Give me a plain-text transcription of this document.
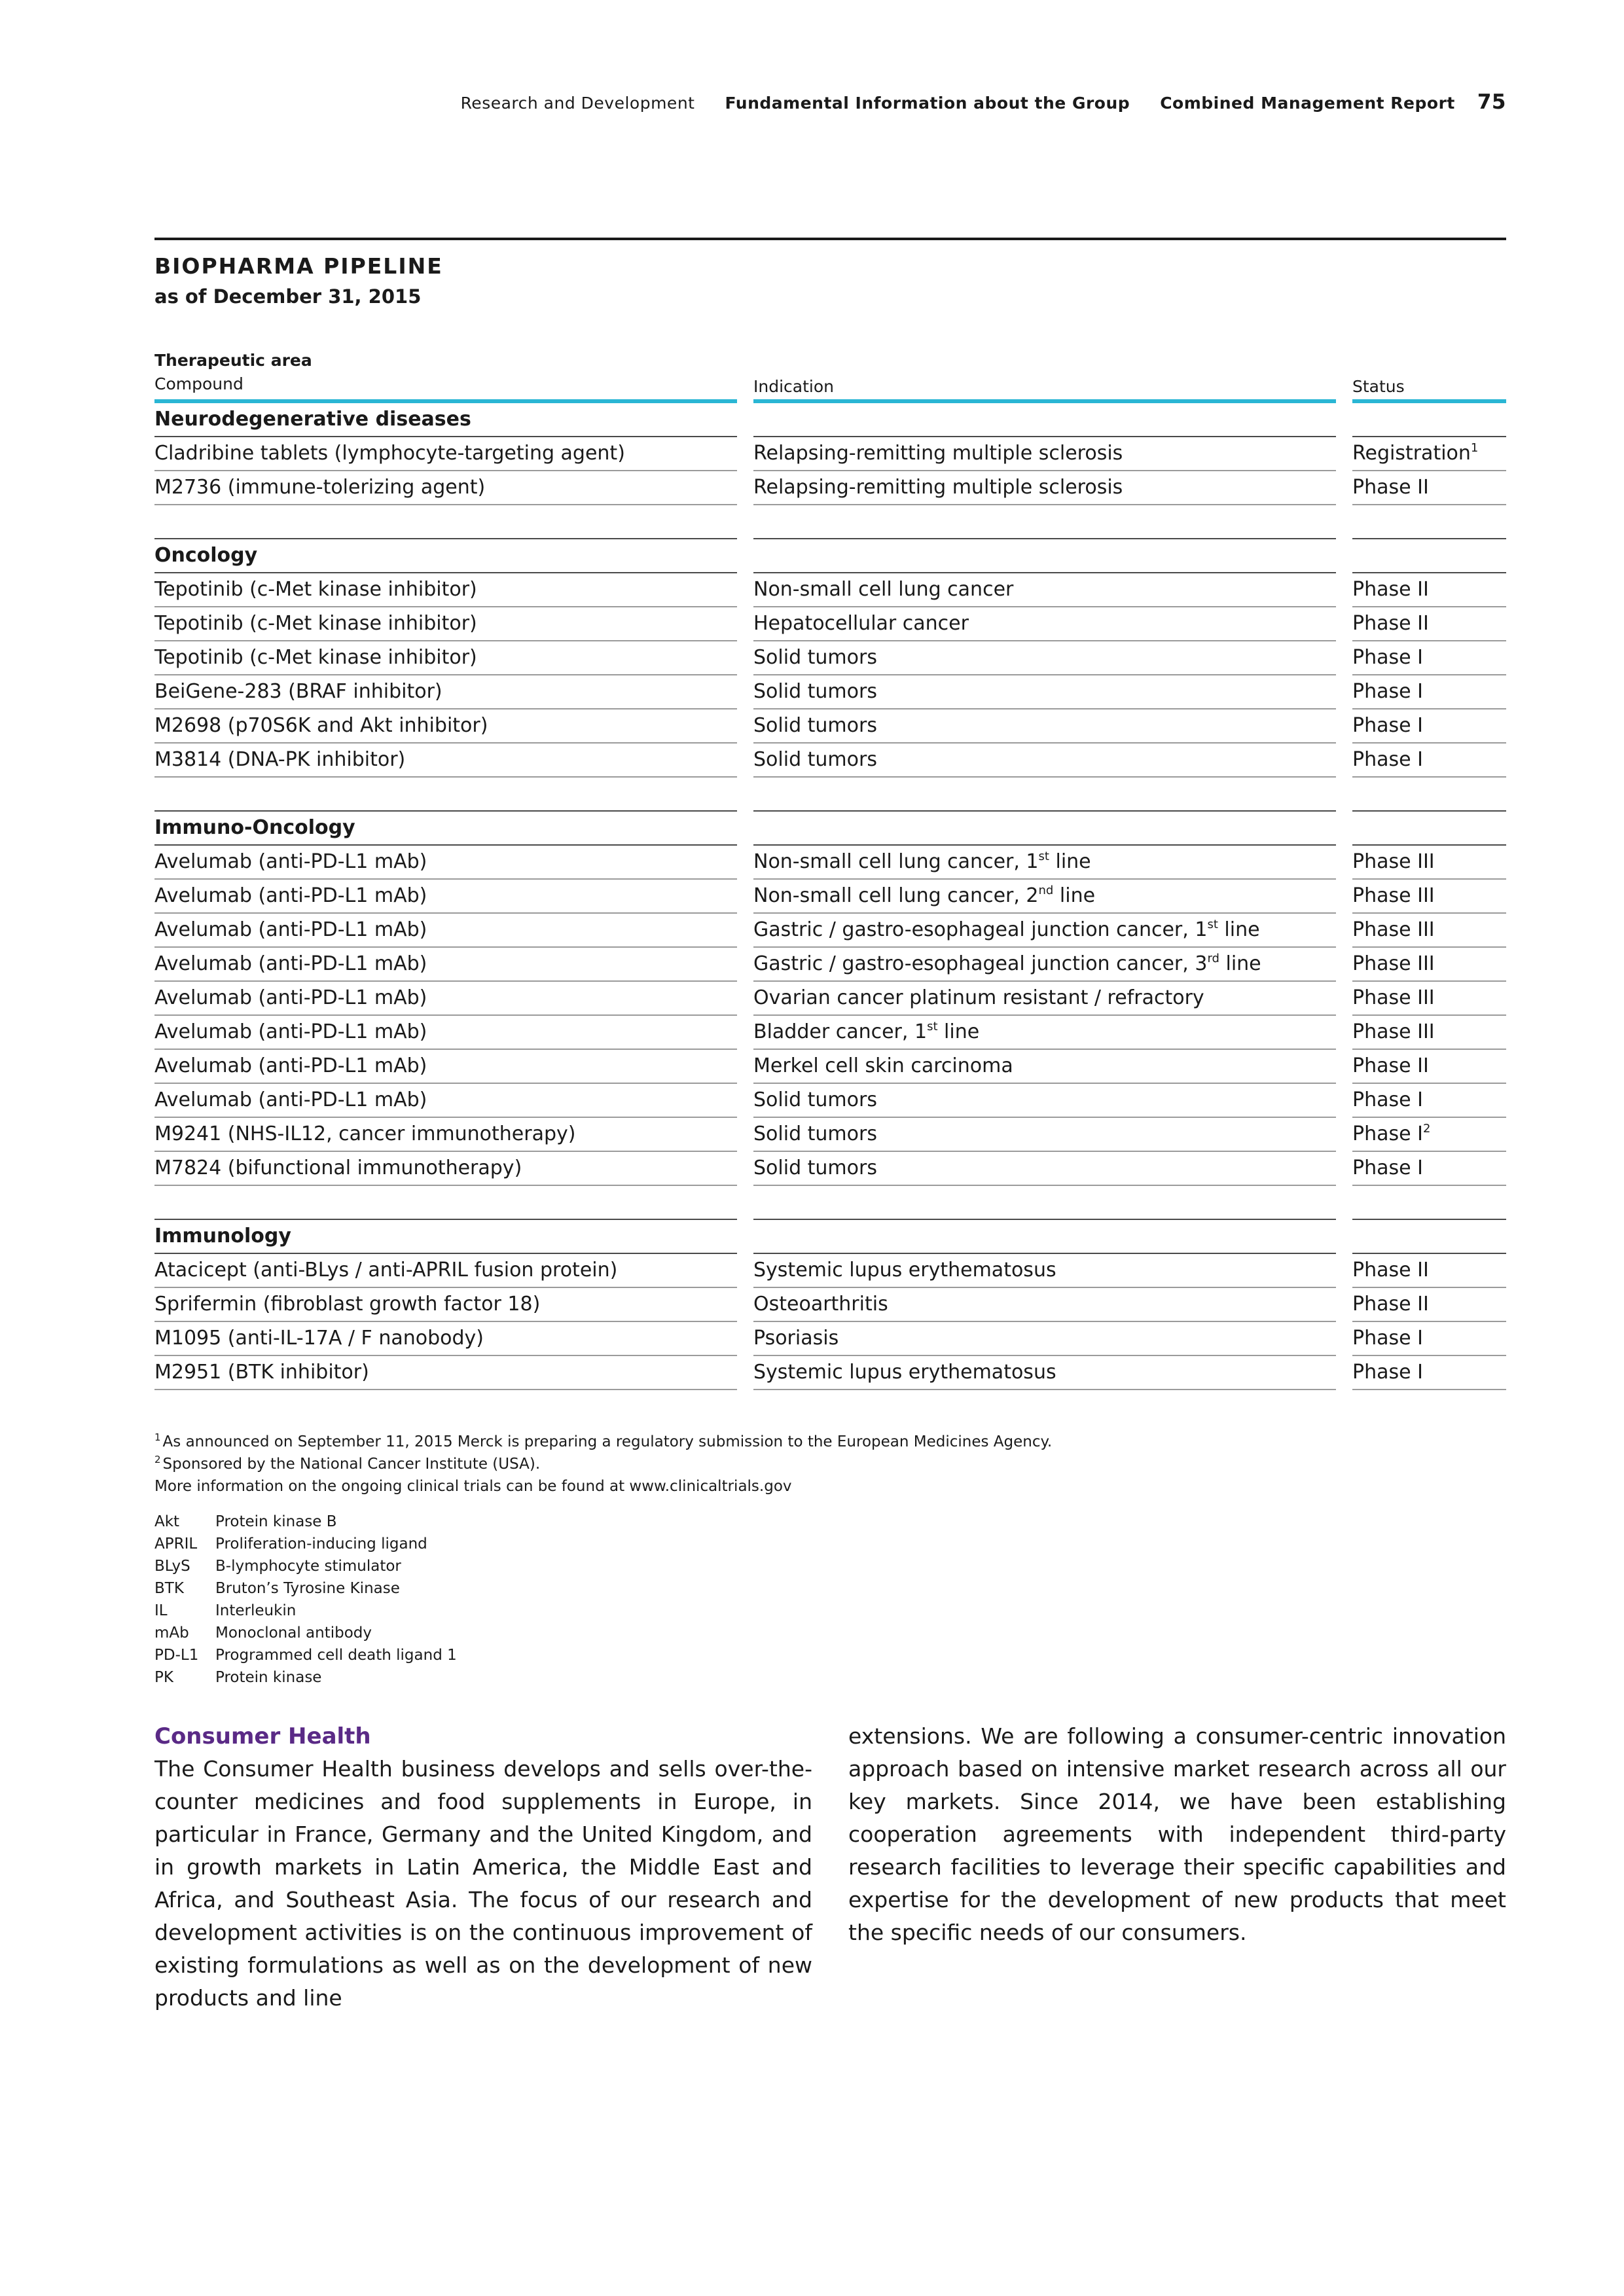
Research and Development Fundamental Information about the Group Combined Management Report 75
BIOPHARMA PIPELINE
as of December 31, 2015
Therapeutic area
Compound		Indication		Status

Neurodegenerative diseases				
Cladribine tablets (lymphocyte-targeting agent)		Relapsing-remitting multiple sclerosis		Registration$^1$
M2736 (immune-tolerizing agent)		Relapsing-remitting multiple sclerosis		Phase II

Oncology				
Tepotinib (c-Met kinase inhibitor)		Non-small cell lung cancer		Phase II
Tepotinib (c-Met kinase inhibitor)		Hepatocellular cancer		Phase II
Tepotinib (c-Met kinase inhibitor)		Solid tumors		Phase I
BeiGene-283 (BRAF inhibitor)		Solid tumors		Phase I
M2698 (p70S6K and Akt inhibitor)		Solid tumors		Phase I
M3814 (DNA-PK inhibitor)		Solid tumors		Phase I

Immuno-Oncology				
Avelumab (anti-PD-L1 mAb)		Non-small cell lung cancer, 1st line		Phase III
Avelumab (anti-PD-L1 mAb)		Non-small cell lung cancer, 2nd line		Phase III
Avelumab (anti-PD-L1 mAb)		Gastric / gastro-esophageal junction cancer, 1st line		Phase III
Avelumab (anti-PD-L1 mAb)		Gastric / gastro-esophageal junction cancer, 3rd line		Phase III
Avelumab (anti-PD-L1 mAb)		Ovarian cancer platinum resistant / refractory		Phase III
Avelumab (anti-PD-L1 mAb)		Bladder cancer, 1st line		Phase III
Avelumab (anti-PD-L1 mAb)		Merkel cell skin carcinoma		Phase II
Avelumab (anti-PD-L1 mAb)		Solid tumors		Phase I
M9241 (NHS-IL12, cancer immunotherapy)		Solid tumors		Phase $I^2$
M7824 (bifunctional immunotherapy)		Solid tumors		Phase I

Immunology				
Atacicept (anti-BLys / anti-APRIL fusion protein)		Systemic lupus erythematosus		Phase II
Sprifermin (fibroblast growth factor 18)		Osteoarthritis		Phase II
M1095 (anti-IL-17A / F nanobody)		Psoriasis		Phase I
M2951 (BTK inhibitor)		Systemic lupus erythematosus		Phase I
$^1$ As announced on September 11, 2015 Merck is preparing a regulatory submission to the European Medicines Agency.
$^2$ Sponsored by the National Cancer Institute (USA).
More information on the ongoing clinical trials can be found at www.clinicaltrials.gov
Akt	Protein kinase B
APRIL	Proliferation-inducing ligand
BLyS	B-lymphocyte stimulator
BTK	Bruton’s Tyrosine Kinase
IL	Interleukin
mAb	Monoclonal antibody
PD-L1	Programmed cell death ligand 1
PK	Protein kinase
Consumer Health

The Consumer Health business develops and sells over-the-counter medicines and food supplements in Europe, in particular in France, Germany and the United Kingdom, and in growth markets in Latin America, the Middle East and Africa, and Southeast Asia. The focus of our research and development activities is on the continuous improvement of existing formulations as well as on the development of new products and line

extensions. We are following a consumer-centric innovation approach based on intensive market research across all our key markets. Since 2014, we have been establishing cooperation agreements with independent third-party research facilities to leverage their specific capabilities and expertise for the development of new products that meet the specific needs of our consumers.
